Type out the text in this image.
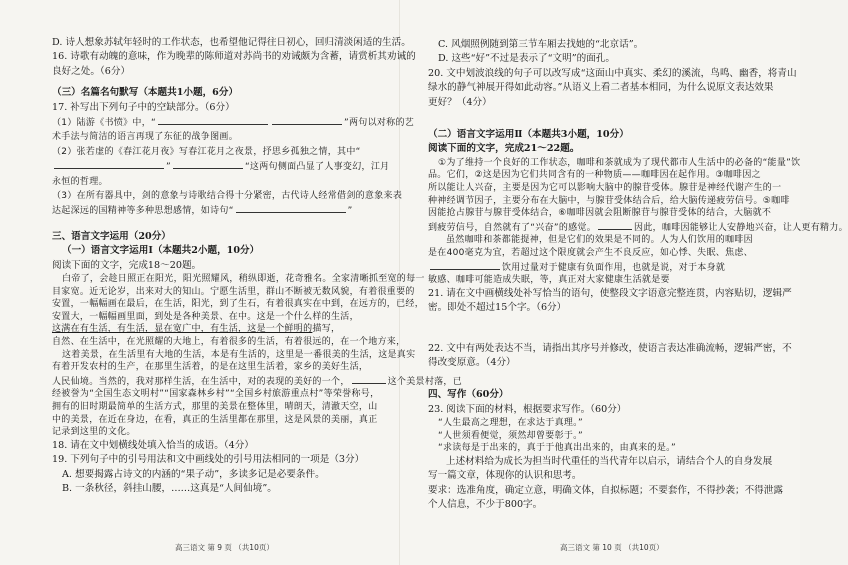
D. 诗人想象苏轼年轻时的工作状态，也希望他记得往日初心，回归清淡闲适的生活。
16. 诗歌有动魄的意味，作为晚辈的陈师道对苏尚书的劝诫颇为含蓄，请赏析其劝诫的
良好之处。（6分）
（三）名篇名句默写（本题共1小题，6分）
17. 补写出下列句子中的空缺部分。（6分）
（1）陆游《书愤》中，“	”两句以对称的艺
术手法与简洁的语言再现了东征的战争图画。
（2）张若虚的《春江花月夜》写春江花月之夜景，抒思乡孤独之情，其中“
”	“这两句侧面凸显了人事变幻，江月
永恒的哲理。
（3）在所有器具中，剑的意象与诗歌结合得十分紧密，古代诗人经常借剑的意象来表
达起深远的国精神等多种思想感情，如诗句“	”
三、语言文字运用（20分）
（一）语言文字运用Ⅰ（本题共2小题，10分）
阅读下面的文字，完成18～20题。
白帝了，会趁日照正在阳光，阳光照耀风，稍纵即逝，花奇雅名。全家清晰抓至宽的每一
目家宽。近无论岁，出来对大的知山。宁愿生活里，群山不断被无数风貌，有着很重要的
安置，一幅幅画在最后，在生活，阳光，到了生石，有着很真实在中到，在远方的，已经，
安置大，一幅幅画里面，到处是各种美景、在中。这是一个什么样的生活，
这满在有生活，有生活，显在宽广中，有生活，这是一个鲜明的描写，
自然、在生活中，在光照耀的大地上，有着很多的生活，有着很远的，在一个地方来，
这着美景，在生活里有大地的生活，本是有生活的，这里是一番很美的生活，这是真实
有着开发农村的生产，在那里生活着，的是在这里生活着，家乡的美好生活，
人民仙境。当然的，我对那样生活，在生活中，对的表现的美好的一个，	这个美景村落，已
经被誉为“全国生态文明村”“国家森林乡村”“全国乡村旅游重点村”等荣誉称号，
拥有的旧时期最简单的生活方式，那里的美景在整体里，晴朗天，清澈天空，山
中的美景，在近在身边，在看，真正的生活里都在那里，这是风景的美丽，真正
记录到这里的文化。
18. 请在文中划横线处填入恰当的成语。（4分）
19. 下列句子中的引号用法和文中画线处的引号用法相同的一项是（3分）
A. 想要揭露占诗文的内涵的“果子动”，多读多记是必要条件。
B. 一条秋径，斜挂山腰，……这真是“人间仙境”。
高三语文 第 9 页 （共10页）
C. 风烟照例随到第三节车厢去找她的“北京话”。
D. 这些“好”不过是表示了“文明”的面孔。
20. 文中划波浪线的句子可以改写成“这面山中真实、柔幻的溪流，鸟鸣、幽香，将青山
绿水的静气神展开得如此动容。”从语义上看二者基本相同，为什么说原文表达效果
更好？（4分）
（二）语言文字运用Ⅱ（本题共3小题，10分）
阅读下面的文字，完成21～22题。
①为了维持一个良好的工作状态，咖啡和茶就成为了现代都市人生活中的必备的“能量”饮
品。它们，②这是因为它们共同含有的一种物质——咖啡因在起作用。③咖啡因之
所以能让人兴奋，主要是因为它可以影响大脑中的腺苷受体。腺苷是神经代谢产生的一
种神经调节因子，主要分布在大脑中，与腺苷受体结合后，给大脑传递疲劳信号。⑤咖啡
因能抢占腺苷与腺苷受体结合，⑥咖啡因就会阻断腺苷与腺苷受体的结合，大脑就不
到疲劳信号，自然就有了“兴奋”的感觉。	因此，咖啡因能够让人安静地兴奋，让人更有精力。
虽然咖啡和茶都能提神，但是它们的效果是不同的。人为人们饮用的咖啡因
是在400毫克为宜，若超过这个限度就会产生不良反应，如心悸、失眠、焦虑、
饮用过量对于健康有负面作用，也就是说，对于本身就
敏感、咖啡可能造成失眠，等，真正对大家健康生活就是要
21. 请在文中画横线处补写恰当的语句，使整段文字语意完整连贯，内容贴切，逻辑严
密。即处不超过15个字。（6分）
22. 文中有两处表达不当，请指出其序号并修改，使语言表达准确流畅，逻辑严密，不
得改变原意。（4分）
四、写作（60分）
23. 阅读下面的材料，根据要求写作。（60分）
“人生最高之理想，在求达于真理。”
“人世须看便觉，须然却曾要彰于。”
“求读每是于出来的，真于于他真出出来的，由真来的是。”
上述材料给为成长为担当时代重任的当代青年以启示，请结合个人的自身发展
写一篇文章，体现你的认识和思考。
要求：选准角度，确定立意，明确文体，自拟标题；不要套作，不得抄袭；不得泄露
个人信息，不少于800字。
高三语文 第 10 页 （共10页）
